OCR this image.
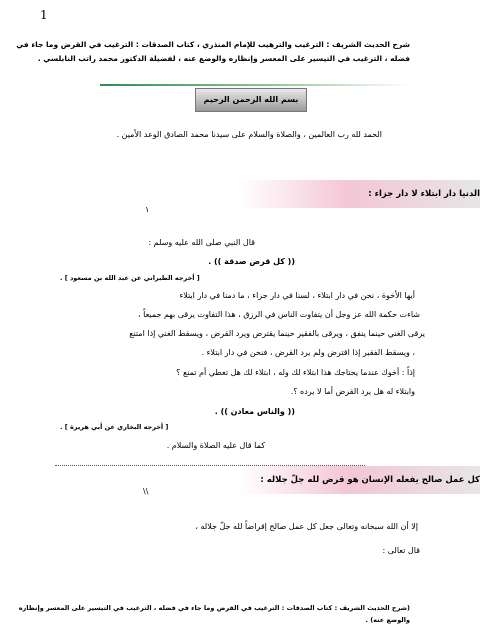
1
شرح الحديث الشريف : الترغيب والترهيب للإمام المنذري ، كتاب الصدقات : الترغيب في القرض وما جاء في فضله ، الترغيب في التيسير على المعسر وإنظاره والوضع عنه ، لفضيلة الدكتور محمد راتب النابلسي .
بسم الله الرحمن الرحيم
الحمد لله رب العالمين ، والصلاة والسلام على سيدنا محمد الصادق الوعد الأمين .
الدنيا دار ابتلاء لا دار جزاء :
١
قال النبي صلى الله عليه وسلم :
(( كل قرض صدقة )) .
[ أخرجه الطبراني عن عبد الله بن مسعود ] .
أيها الأخوة ، نحن في دار ابتلاء ، لسنا في دار جزاء ، ما دمنا في دار ابتلاء
شاءت حكمة الله عز وجل أن يتفاوت الناس في الرزق ، هذا التفاوت يرقى بهم جميعاً ،
يرقى الغني حينما ينفق ، ويرقى بالفقير حينما يقترض ويرد القرض ، ويسقط الغني إذا امتنع
، ويسقط الفقير إذا اقترض ولم يرد القرض ، فنحن في دار ابتلاء .
إذاً : أخوك عندما يحتاجك هذا ابتلاء لك وله ، ابتلاء لك هل تعطي أم تمنع ؟
وابتلاء له هل يرد القرض أما لا يرده ؟.
(( والناس معادن )) .
[ أخرجه البخاري عن أبي هريرة ] .
كما قال عليه الصلاة والسلام .
كل عمل صالح يفعله الإنسان هو قرض لله جلّ جلاله :
\\
إلا أن الله سبحانه وتعالى جعل كل عمل صالح إقراضاً لله جلّ جلاله ،
قال تعالى :
(شرح الحديث الشريف : كتاب الصدقات : الترغيب في القرض وما جاء في فضله ، الترغيب في التيسير على المعسر وإنظاره والوضع عنه) .
